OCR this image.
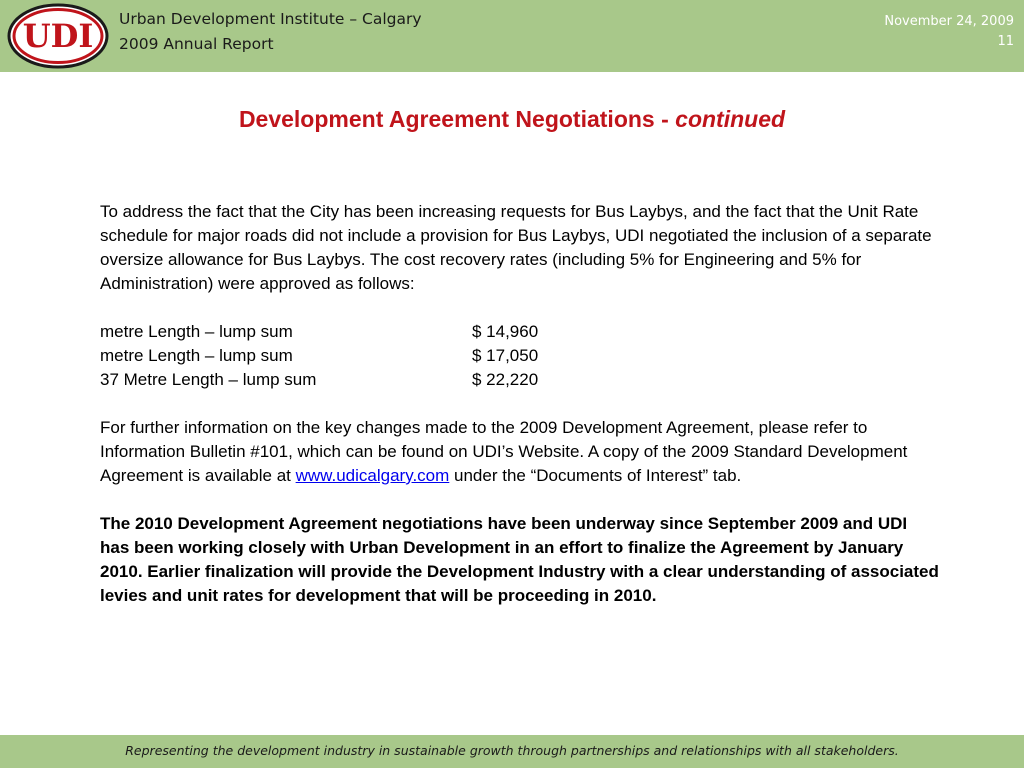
UDI Urban Development Institute – Calgary
2009 Annual Report
November 24, 2009
11
Development Agreement Negotiations - continued

To address the fact that the City has been increasing requests for Bus Laybys, and the fact that the Unit Rate schedule for major roads did not include a provision for Bus Laybys, UDI negotiated the inclusion of a separate oversize allowance for Bus Laybys. The cost recovery rates (including 5% for Engineering and 5% for Administration) were approved as follows:

metre Length – lump sum	$ 14,960
metre Length – lump sum	$ 17,050
37 Metre Length – lump sum	$ 22,220

For further information on the key changes made to the 2009 Development Agreement, please refer to Information Bulletin #101, which can be found on UDI’s Website. A copy of the 2009 Standard Development Agreement is available at www.udicalgary.com under the “Documents of Interest” tab.

The 2010 Development Agreement negotiations have been underway since September 2009 and UDI has been working closely with Urban Development in an effort to finalize the Agreement by January 2010. Earlier finalization will provide the Development Industry with a clear understanding of associated levies and unit rates for development that will be proceeding in 2010.

Representing the development industry in sustainable growth through partnerships and relationships with all stakeholders.
